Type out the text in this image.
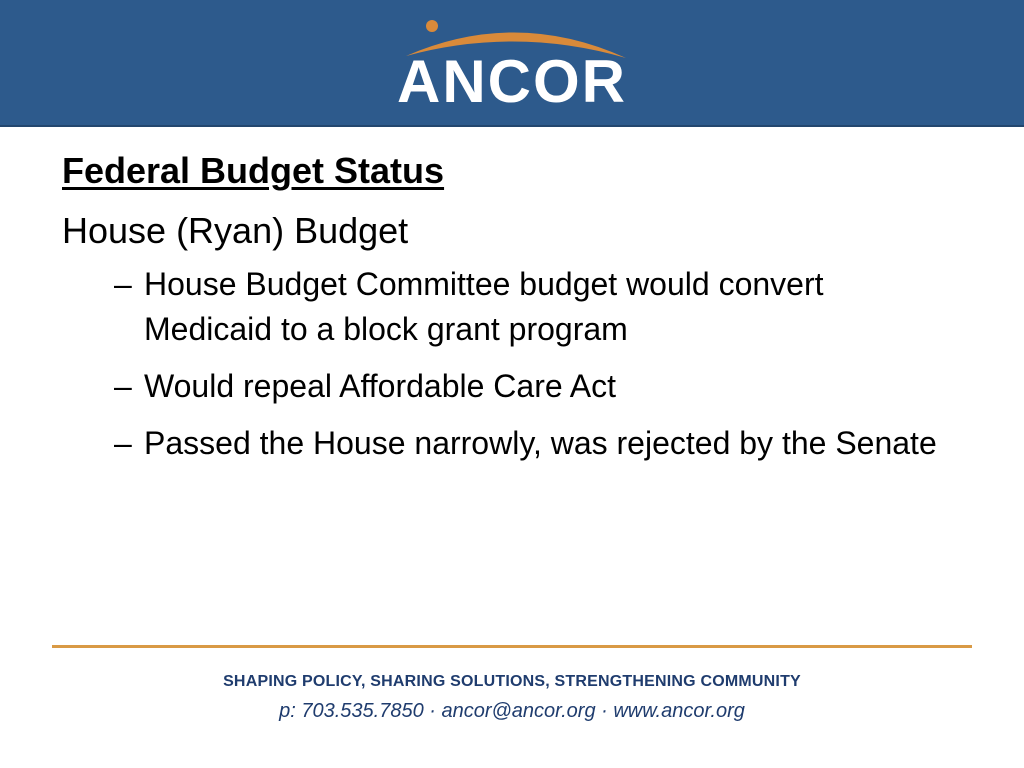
ANCOR
Federal Budget Status
House (Ryan) Budget
– House Budget Committee budget would convert Medicaid to a block grant program
– Would repeal Affordable Care Act
– Passed the House narrowly, was rejected by the Senate
SHAPING POLICY, SHARING SOLUTIONS, STRENGTHENING COMMUNITY
p: 703.535.7850 · ancor@ancor.org · www.ancor.org
